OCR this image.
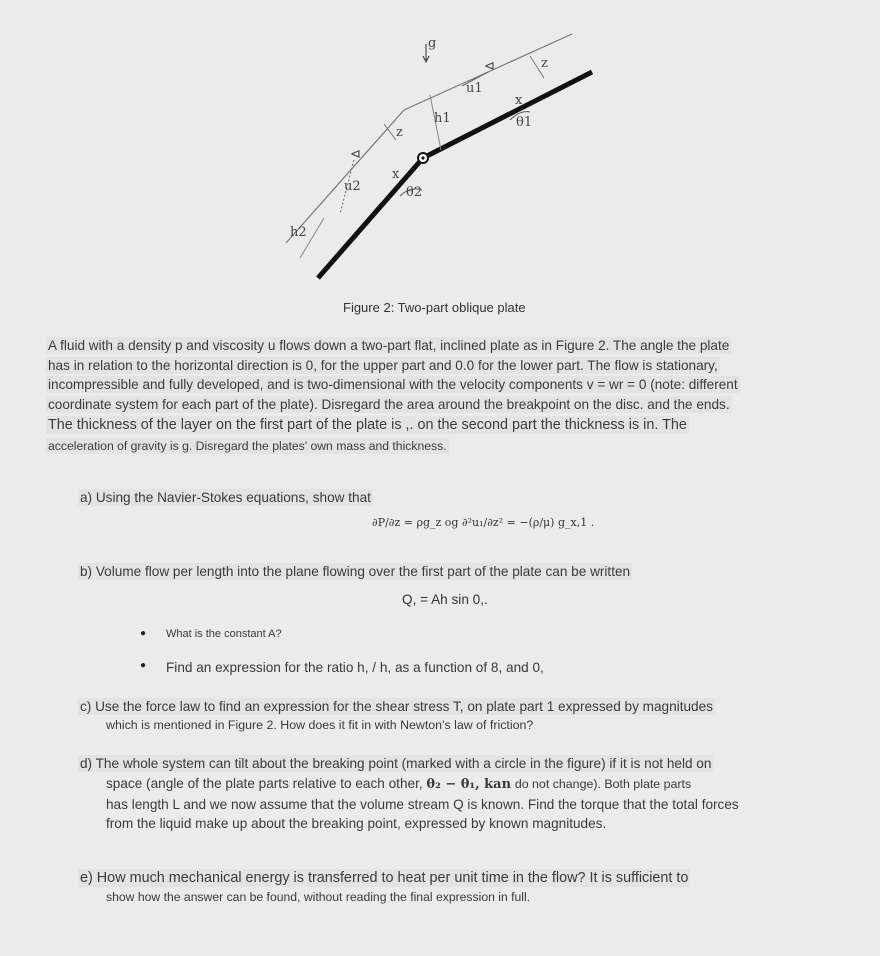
g
u1
u2
h1
h2
θ1
θ2
z
z
x
x
⊲
⊲
Figure 2: Two-part oblique plate
A fluid with a density p and viscosity u flows down a two-part flat, inclined plate as in Figure 2. The angle the plate
has in relation to the horizontal direction is 0, for the upper part and 0.0 for the lower part. The flow is stationary,
incompressible and fully developed, and is two-dimensional with the velocity components v = wr = 0 (note: different
coordinate system for each part of the plate). Disregard the area around the breakpoint on the disc. and the ends.
The thickness of the layer on the first part of the plate is ,. on the second part the thickness is in. The
acceleration of gravity is g. Disregard the plates' own mass and thickness.
a) Using the Navier-Stokes equations, show that
∂P/∂z = ρg_z og ∂²u₁/∂z² = −(ρ/μ) g_x,1 .
b) Volume flow per length into the plane flowing over the first part of the plate can be written
Q, = Ah sin 0,.
● What is the constant A?
● Find an expression for the ratio h, / h, as a function of 8, and 0,
c) Use the force law to find an expression for the shear stress T, on plate part 1 expressed by magnitudes
which is mentioned in Figure 2. How does it fit in with Newton's law of friction?
d) The whole system can tilt about the breaking point (marked with a circle in the figure) if it is not held on
space (angle of the plate parts relative to each other, θ₂ − θ₁, kan do not change). Both plate parts
has length L and we now assume that the volume stream Q is known. Find the torque that the total forces
from the liquid make up about the breaking point, expressed by known magnitudes.
e) How much mechanical energy is transferred to heat per unit time in the flow? It is sufficient to
show how the answer can be found, without reading the final expression in full.
